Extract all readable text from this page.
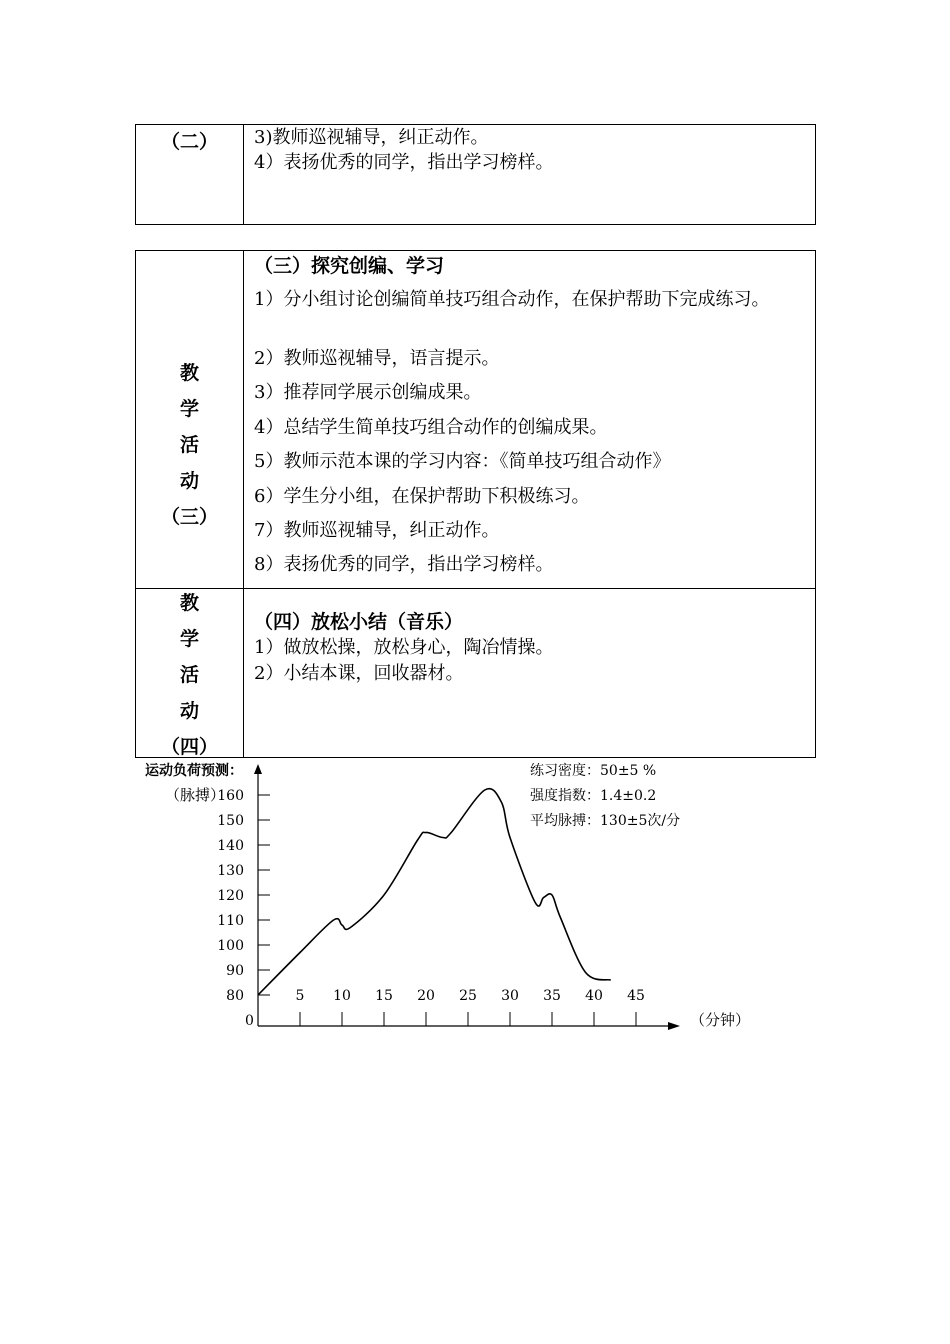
（二）	3)教师巡视辅导，纠正动作。
4）表扬优秀的同学，指出学习榜样。
教
学
活
动
（三）
（三）探究创编、学习
1）分小组讨论创编简单技巧组合动作，在保护帮助下完成练习。
2）教师巡视辅导，语言提示。
3）推荐同学展示创编成果。
4）总结学生简单技巧组合动作的创编成果。
5）教师示范本课的学习内容：《简单技巧组合动作》
6）学生分小组，在保护帮助下积极练习。
7）教师巡视辅导，纠正动作。
8）表扬优秀的同学，指出学习榜样。
教
学
活
动
（四）
（四）放松小结（音乐）
1）做放松操，放松身心，陶冶情操。
2）小结本课，回收器材。
运动负荷预测：
（脉搏）
（分钟）
0
练习密度：50±5 %
强度指数：1.4±0.2
平均脉搏：130±5次/分
160
150
140
130
120
110
100
90
80	5 10 15 20 25 30 35 40 45
